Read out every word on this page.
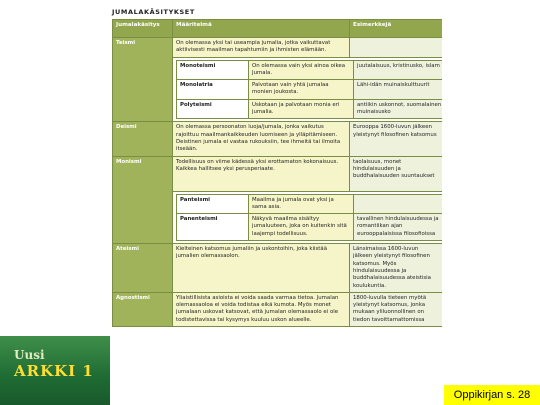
JUMALAKÄSITYKSET
Jumalakäsitys	Määritelmä	Esimerkkejä
Teismi	On olemassa yksi tai useampia jumalia, jotka vaikuttavat aktiivisesti maailman tapahtumiin ja ihmisten elämään.	

Monoteismi	On olemassa vain yksi ainoa oikea Jumala.	juutalaisuus, kristinusko, islam
Monolatria	Palvotaan vain yhtä jumalaa monien joukosta.	Lähi-idän muinaiskulttuurit
Polyteismi	Uskotaan ja palvotaan monia eri jumalia.	antiikin uskonnot, suomalainen muinaisusko

Deismi	On olemassa persoonaton luoja/jumala, jonka vaikutus rajoittuu maailmankaikkeuden luomiseen ja ylläpitämiseen. Deistinen jumala ei vastaa rukouksiin, tee ihmeitä tai ilmoita itseään.	Eurooppa 1600-luvun jälkeen yleistynyt filosofinen katsomus
Monismi	Todellisuus on viime kädessä yksi erottamaton kokonaisuus. Kaikkea hallitsee yksi perusperiaate.	taolaisuus, monet hindulaisuuden ja buddhalaisuuden suuntaukset

Panteismi	Maailma ja jumala ovat yksi ja sama asia.	
Panenteismi	Näkyvä maailma sisältyy jumaluuteen, joka on kuitenkin sitä laajempi todellisuus.	tavallinen hindulaisuudessa ja romantiikan ajan eurooppalaisissa filosofioissa

Ateismi	Kielteinen katsomus jumaliin ja uskontoihin, joka kiistää jumalien olemassaolon.	Länsimaissa 1600-luvun jälkeen yleistynyt filosofinen katsomus. Myös hindulaisuudessa ja buddhalaisuudessa ateistisia koulukuntia.
Agnostismi	Yliaistillisista asioista ei voida saada varmaa tietoa. Jumalan olemassaoloa ei voida todistaa eikä kumota. Myös monet jumalaan uskovat katsovat, että jumalan olemassaolo ei ole todistettavissa tai kysymys kuuluu uskon alueelle.	1800-luvulla tieteen myötä yleistynyt katsomus, jonka mukaan yliluonnollinen on tiedon tavoittamattomissa
Uusi
ARKKI 1
Oppikirjan s. 28
